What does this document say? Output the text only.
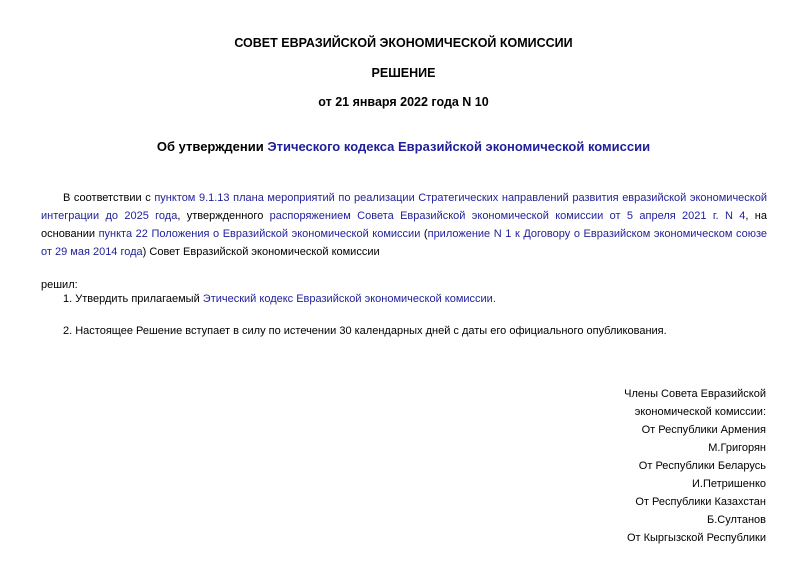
СОВЕТ ЕВРАЗИЙСКОЙ ЭКОНОМИЧЕСКОЙ КОМИССИИ
РЕШЕНИЕ
от 21 января 2022 года N 10
Об утверждении Этического кодекса Евразийской экономической комиссии
В соответствии с пунктом 9.1.13 плана мероприятий по реализации Стратегических направлений развития евразийской экономической интеграции до 2025 года, утвержденного распоряжением Совета Евразийской экономической комиссии от 5 апреля 2021 г. N 4, на основании пункта 22 Положения о Евразийской экономической комиссии (приложение N 1 к Договору о Евразийском экономическом союзе от 29 мая 2014 года) Совет Евразийской экономической комиссии
решил:
1. Утвердить прилагаемый Этический кодекс Евразийской экономической комиссии.
2. Настоящее Решение вступает в силу по истечении 30 календарных дней с даты его официального опубликования.
Члены Совета Евразийской
экономической комиссии:
От Республики Армения
М.Григорян
От Республики Беларусь
И.Петришенко
От Республики Казахстан
Б.Султанов
От Кыргызской Республики
